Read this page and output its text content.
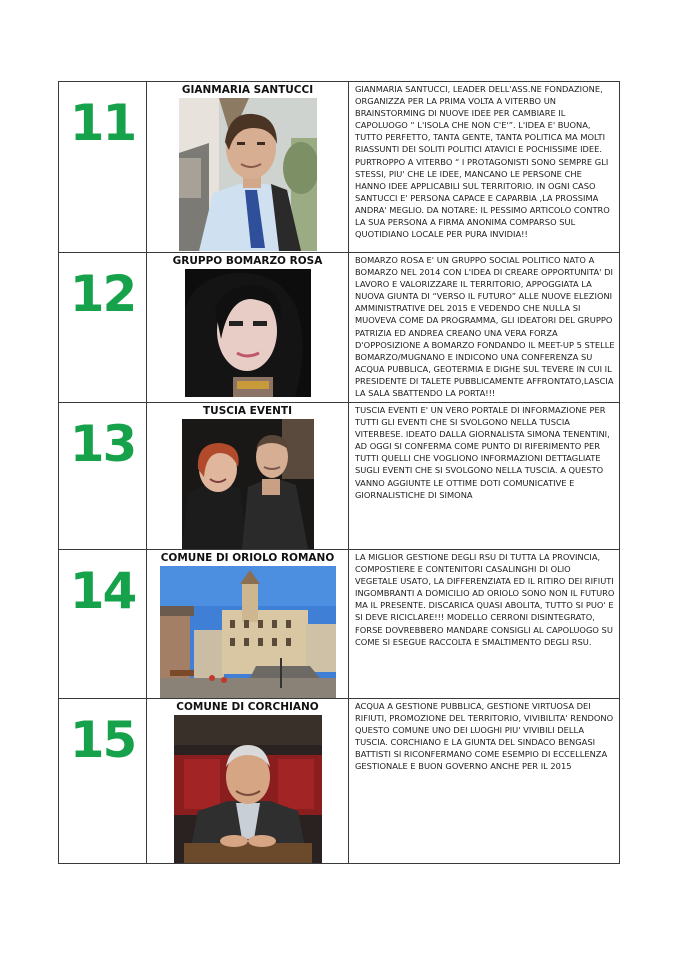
11	GIANMARIA SANTUCCI	GIANMARIA SANTUCCI, LEADER DELL'ASS.NE FONDAZIONE, ORGANIZZA PER LA PRIMA VOLTA A VITERBO UN BRAINSTORMING DI NUOVE IDEE PER CAMBIARE IL CAPOLUOGO “ L'ISOLA CHE NON C'E'”. L'IDEA E' BUONA, TUTTO PERFETTO, TANTA GENTE, TANTA POLITICA MA MOLTI RIASSUNTI DEI SOLITI POLITICI ATAVICI E POCHISSIME IDEE. PURTROPPO A VITERBO “ I PROTAGONISTI SONO SEMPRE GLI STESSI, PIU' CHE LE IDEE, MANCANO LE PERSONE CHE HANNO IDEE APPLICABILI SUL TERRITORIO. IN OGNI CASO SANTUCCI E' PERSONA CAPACE E CAPARBIA ,LA PROSSIMA ANDRA' MEGLIO. DA NOTARE: IL PESSIMO ARTICOLO CONTRO LA SUA PERSONA A FIRMA ANONIMA COMPARSO SUL QUOTIDIANO LOCALE PER PURA INVIDIA!!

12	GRUPPO BOMARZO ROSA	BOMARZO ROSA E' UN GRUPPO SOCIAL POLITICO NATO A BOMARZO NEL 2014 CON L'IDEA DI CREARE OPPORTUNITA' DI LAVORO E VALORIZZARE IL TERRITORIO, APPOGGIATA LA NUOVA GIUNTA DI “VERSO IL FUTURO” ALLE NUOVE ELEZIONI AMMINISTRATIVE DEL 2015 E VEDENDO CHE NULLA SI MUOVEVA COME DA PROGRAMMA, GLI IDEATORI DEL GRUPPO PATRIZIA ED ANDREA CREANO UNA VERA FORZA D'OPPOSIZIONE A BOMARZO FONDANDO IL MEET-UP 5 STELLE BOMARZO/MUGNANO E INDICONO UNA CONFERENZA SU ACQUA PUBBLICA, GEOTERMIA E DIGHE SUL TEVERE IN CUI IL PRESIDENTE DI TALETE PUBBLICAMENTE AFFRONTATO,LASCIA LA SALA SBATTENDO LA PORTA!!!

13	TUSCIA EVENTI	TUSCIA EVENTI E' UN VERO PORTALE DI INFORMAZIONE PER TUTTI GLI EVENTI CHE SI SVOLGONO NELLA TUSCIA VITERBESE. IDEATO DALLA GIORNALISTA SIMONA TENENTINI, AD OGGI SI CONFERMA COME PUNTO DI RIFERIMENTO PER TUTTI QUELLI CHE VOGLIONO INFORMAZIONI DETTAGLIATE SUGLI EVENTI CHE SI SVOLGONO NELLA TUSCIA. A QUESTO VANNO AGGIUNTE LE OTTIME DOTI COMUNICATIVE E GIORNALISTICHE DI SIMONA

14	COMUNE DI ORIOLO ROMANO	LA MIGLIOR GESTIONE DEGLI RSU DI TUTTA LA PROVINCIA, COMPOSTIERE E CONTENITORI CASALINGHI DI OLIO VEGETALE USATO, LA DIFFERENZIATA ED IL RITIRO DEI RIFIUTI INGOMBRANTI A DOMICILIO AD ORIOLO SONO NON IL FUTURO MA IL PRESENTE. DISCARICA QUASI ABOLITA, TUTTO SI PUO' E SI DEVE RICICLARE!!! MODELLO CERRONI DISINTEGRATO, FORSE DOVREBBERO MANDARE CONSIGLI AL CAPOLUOGO SU COME SI ESEGUE RACCOLTA E SMALTIMENTO DEGLI RSU.

15	COMUNE DI CORCHIANO	ACQUA A GESTIONE PUBBLICA, GESTIONE VIRTUOSA DEI RIFIUTI, PROMOZIONE DEL TERRITORIO, VIVIBILITA' RENDONO QUESTO COMUNE UNO DEI LUOGHI PIU' VIVIBILI DELLA TUSCIA. CORCHIANO E LA GIUNTA DEL SINDACO BENGASI BATTISTI SI RICONFERMANO COME ESEMPIO DI ECCELLENZA GESTIONALE E BUON GOVERNO ANCHE PER IL 2015
